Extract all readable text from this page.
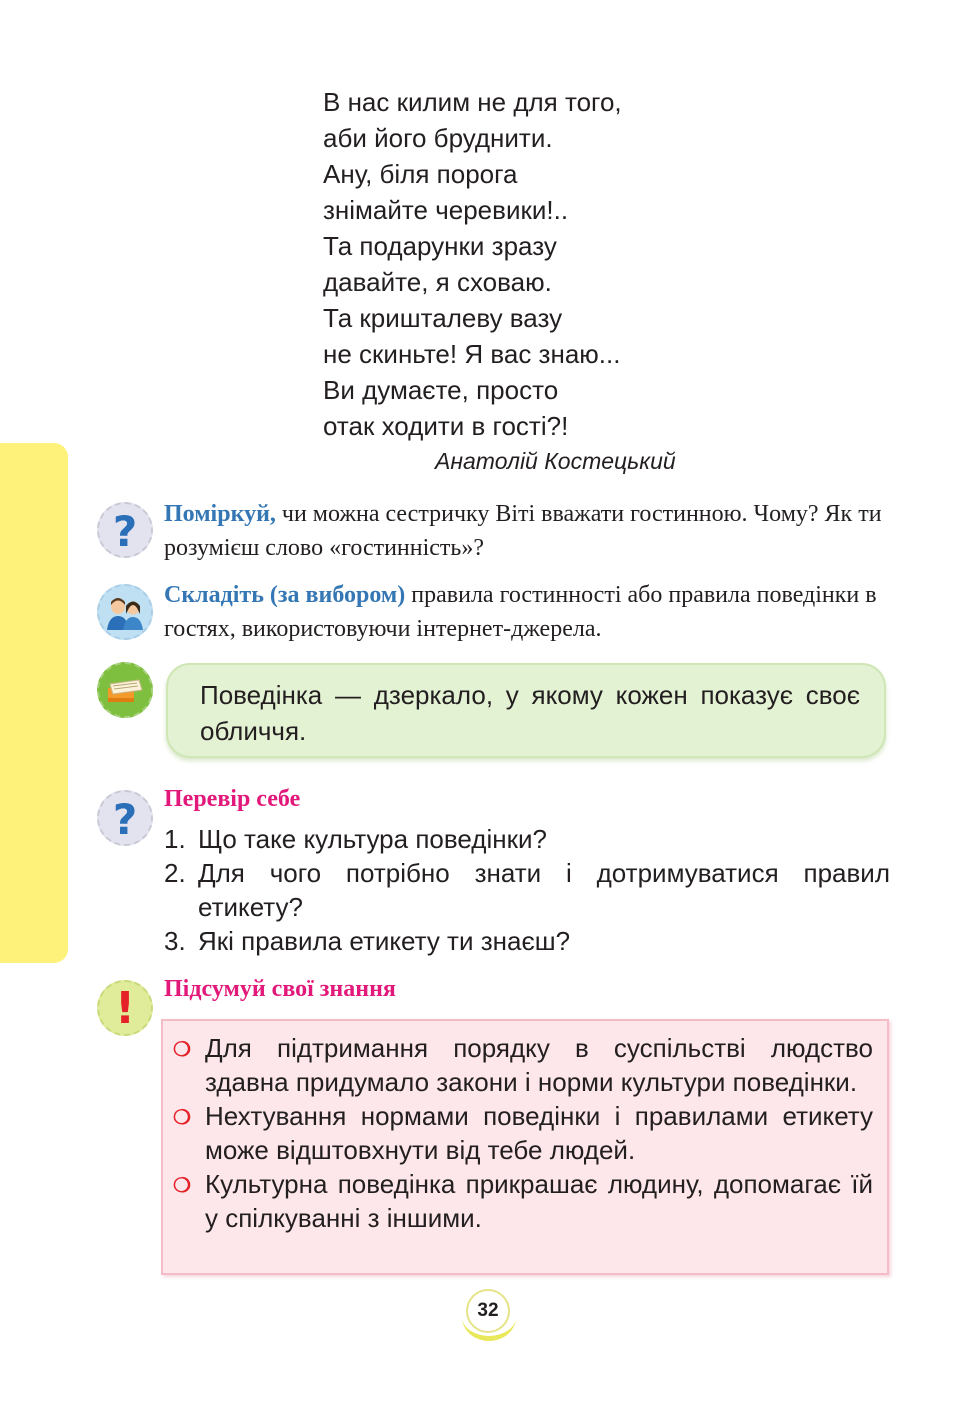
В нас килим не для того,
аби його бруднити.
Ану, біля порога
знімайте черевики!..
Та подарунки зразу
давайте, я сховаю.
Та кришталеву вазу
не скиньте! Я вас знаю...
Ви думаєте, просто
отак ходити в гості?!
Анатолій Костецький
?	Поміркуй, чи можна сестричку Віті вважати гостинною. Чому? Як ти розумієш слово «гостинність»?
Складіть (за вибором) правила гостинності або правила поведінки в гостях, використовуючи інтернет-джерела.
Поведінка — дзеркало, у якому кожен показує своє обличчя.
?	Перевір себе
1. Що таке культура поведінки?
2. Для чого потрібно знати і дотримуватися правил етикету?
3. Які правила етикету ти знаєш?
!	Підсумуй свої знання
❍ Для підтримання порядку в суспільстві людство здавна придумало закони і норми культури поведінки.
❍ Нехтування нормами поведінки і правилами етикету може відштовхнути від тебе людей.
❍ Культурна поведінка прикрашає людину, допомагає їй у спілкуванні з іншими.
32
